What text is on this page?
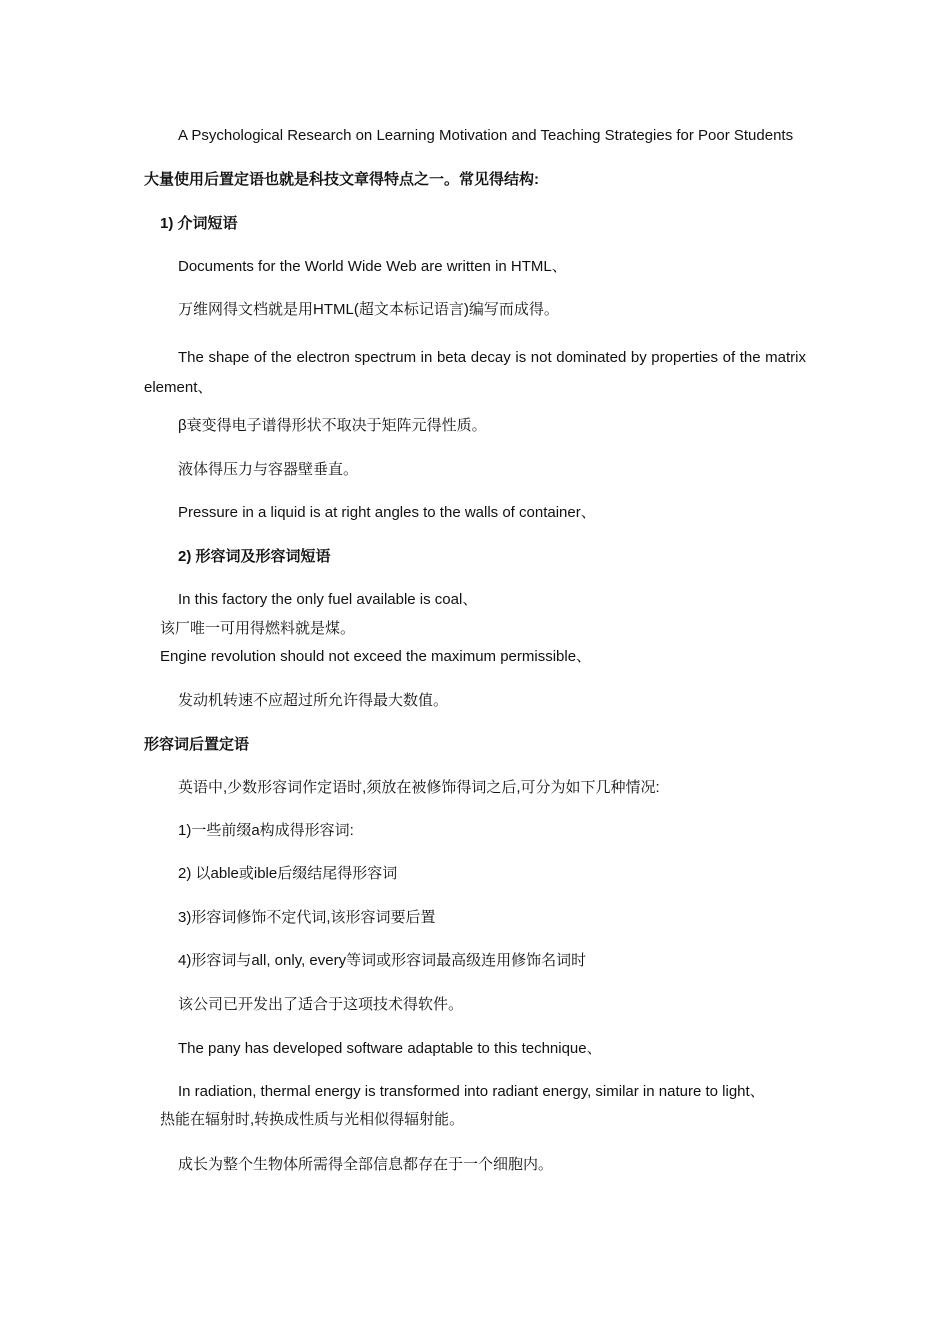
A Psychological Research on Learning Motivation and Teaching Strategies for Poor Students
大量使用后置定语也就是科技文章得特点之一。常见得结构:
1) 介词短语
Documents for the World Wide Web are written in HTML、
万维网得文档就是用HTML(超文本标记语言)编写而成得。
The shape of the electron spectrum in beta decay is not dominated by properties of the matrix element、
β衰变得电子谱得形状不取决于矩阵元得性质。
液体得压力与容器壁垂直。
Pressure in a liquid is at right angles to the walls of container、
2) 形容词及形容词短语
In this factory the only fuel available is coal、
该厂唯一可用得燃料就是煤。
Engine revolution should not exceed the maximum permissible、
发动机转速不应超过所允许得最大数值。
形容词后置定语
英语中,少数形容词作定语时,须放在被修饰得词之后,可分为如下几种情况:
1)一些前缀a构成得形容词:
2) 以able或ible后缀结尾得形容词
3)形容词修饰不定代词,该形容词要后置
4)形容词与all, only, every等词或形容词最高级连用修饰名词时
该公司已开发出了适合于这项技术得软件。
The pany has developed software adaptable to this technique、
In radiation, thermal energy is transformed into radiant energy, similar in nature to light、
热能在辐射时,转换成性质与光相似得辐射能。
成长为整个生物体所需得全部信息都存在于一个细胞内。
